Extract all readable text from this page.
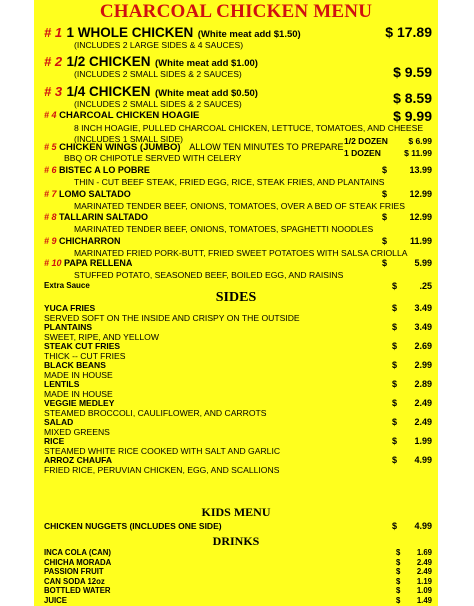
CHARCOAL CHICKEN MENU
# 1 1 WHOLE CHICKEN (White meat add $1.50)	$ 17.89
(INCLUDES 2 LARGE SIDES & 4 SAUCES)
# 2 1/2 CHICKEN (White meat add $1.00)
$ 9.59
(INCLUDES 2 SMALL SIDES & 2 SAUCES)
# 3 1/4 CHICKEN (White meat add $0.50)	$ 8.59
(INCLUDES 2 SMALL SIDES & 2 SAUCES)
# 4 CHARCOAL CHICKEN HOAGIE	$ 9.99
8 INCH HOAGIE, PULLED CHARCOAL CHICKEN, LETTUCE, TOMATOES, AND CHEESE
(INCLUDES 1 SMALL SIDE)
# 5 CHICKEN WINGS (JUMBO) ALLOW TEN MINUTES TO PREPARE
1/2 DOZEN $ 6.99
1 DOZEN	$ 11.99
BBQ OR CHIPOTLE SERVED WITH CELERY
# 6 BISTEC A LO POBRE	$ 13.99
THIN - CUT BEEF STEAK, FRIED EGG, RICE, STEAK FRIES, AND PLANTAINS
# 7 LOMO SALTADO	$ 12.99
MARINATED TENDER BEEF, ONIONS, TOMATOES, OVER A BED OF STEAK FRIES
# 8 TALLARIN SALTADO	$ 12.99
MARINATED TENDER BEEF, ONIONS, TOMATOES, SPAGHETTI NOODLES
# 9 CHICHARRON	$	11.99
MARINATED FRIED PORK-BUTT, FRIED SWEET POTATOES WITH SALSA CRIOLLA
# 10 PAPA RELLENA	$	5.99
STUFFED POTATO, SEASONED BEEF, BOILED EGG, AND RAISINS
Extra Sauce	$ .25
SIDES
YUCA FRIES	$ 3.49
SERVED SOFT ON THE INSIDE AND CRISPY ON THE OUTSIDE
PLANTAINS	$ 3.49
SWEET, RIPE, AND YELLOW
STEAK CUT FRIES	$ 2.69
THICK -- CUT FRIES
BLACK BEANS	$ 2.99
MADE IN HOUSE
LENTILS	$ 2.89
MADE IN HOUSE
VEGGIE MEDLEY	$ 2.49
STEAMED BROCCOLI, CAULIFLOWER, AND CARROTS
SALAD	$ 2.49
MIXED GREENS
RICE	$ 1.99
STEAMED WHITE RICE COOKED WITH SALT AND GARLIC
ARROZ CHAUFA	$ 4.99
FRIED RICE, PERUVIAN CHICKEN, EGG, AND SCALLIONS
KIDS MENU
CHICKEN NUGGETS (INCLUDES ONE SIDE)	$ 4.99
DRINKS
INCA COLA (CAN)	$ 1.69
CHICHA MORADA	$ 2.49
PASSION FRUIT	$ 2.49
CAN SODA 12oz	$ 1.19
BOTTLED WATER	$ 1.09
JUICE	$ 1.49
